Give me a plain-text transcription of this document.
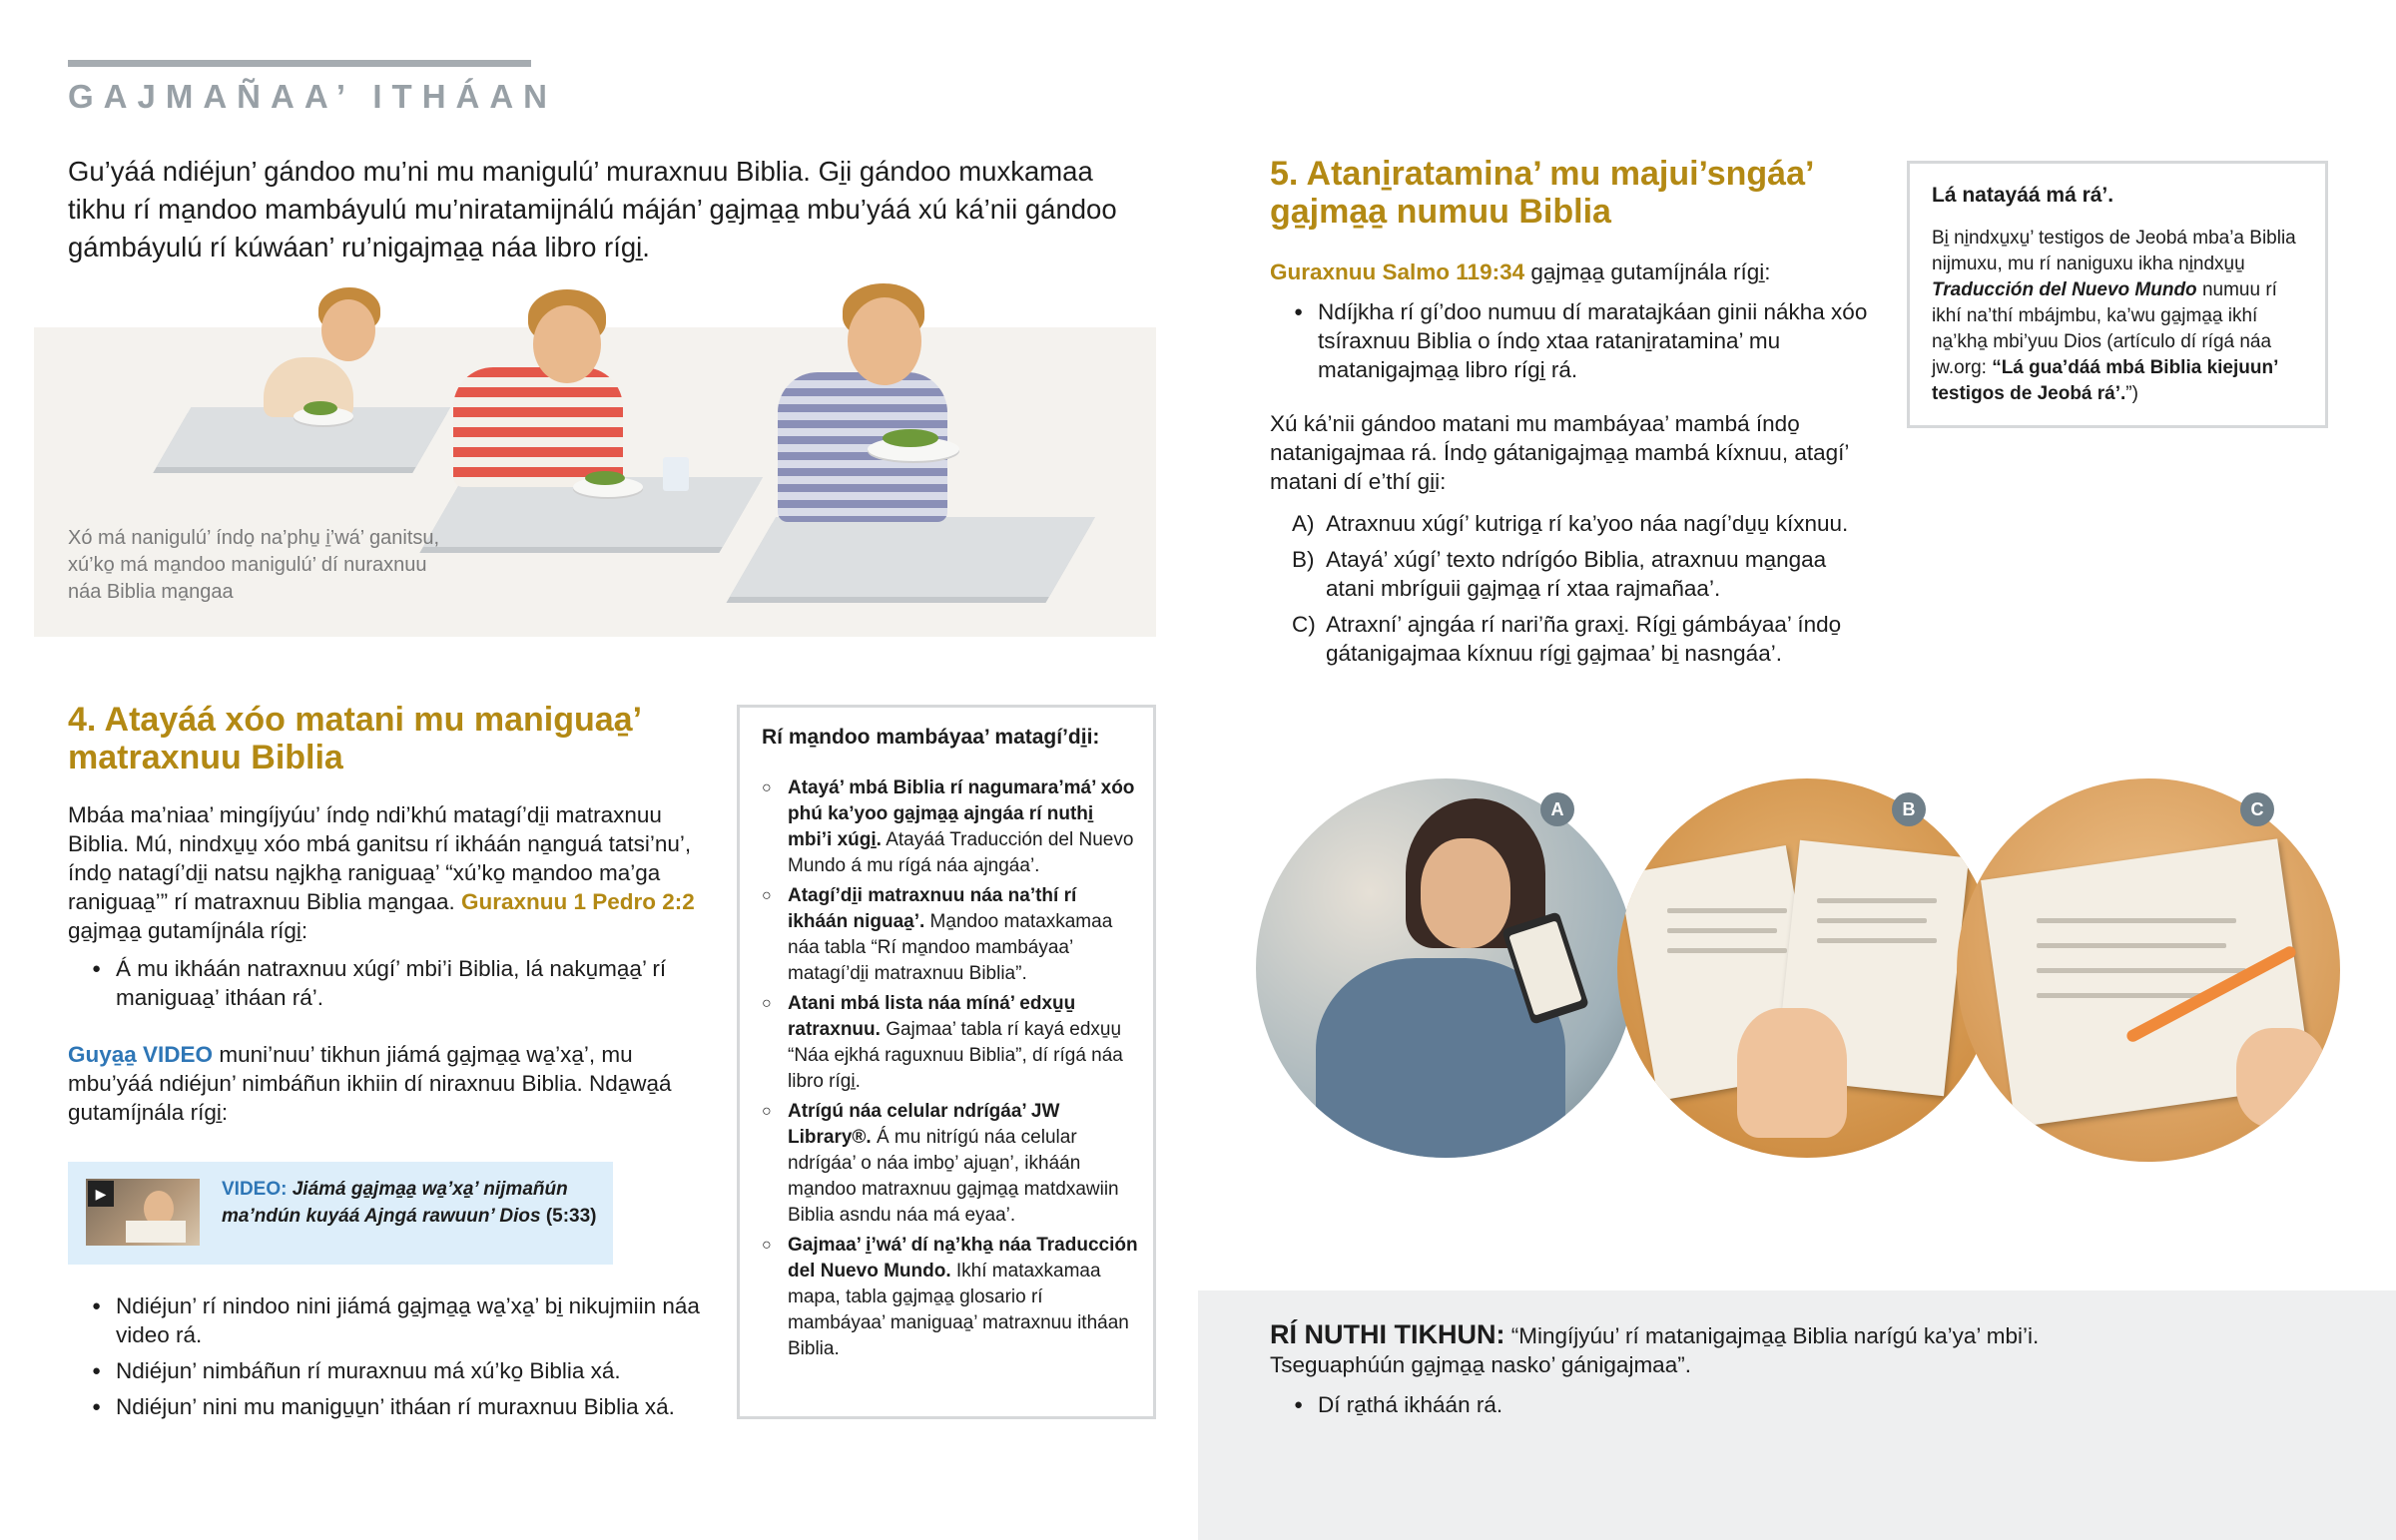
GAJMAÑAA’ ITHÁAN
Gu’yáá ndiéjun’ gándoo mu’ni mu manigulú’ muraxnuu Biblia. Gi̱i gándoo muxkamaa tikhu rí ma̱ndoo mambáyulú mu’niratamijnálú máján’ ga̱jma̱a̱ mbu’yáá xú ká’nii gándoo gámbáyulú rí kúwáan’ ru’nigajma̱a̱ náa libro rígi̱.
Xó má nanigulú’ índo̱ na’phu̱ i̱’wá’ ganitsu, xú’ko̱ má ma̱ndoo manigulú’ dí nuraxnuu náa Biblia ma̱ngaa
4. Atayáá xóo matani mu maniguaa̱’ matraxnuu Biblia
Mbáa ma’niaa’ mingíjyúu’ índo̱ ndi’khú matagí’di̱i matraxnuu Biblia. Mú, nindxu̱u̱ xóo mbá ganitsu rí ikháán na̱nguá tatsi’nu’, índo̱ natagí’di̱i natsu na̱jkha̱ raniguaa̱’ “xú’ko̱ ma̱ndoo ma’ga raniguaa̱’” rí matraxnuu Biblia ma̱ngaa. Guraxnuu 1 Pedro 2:2 ga̱jma̱a̱ gutamíjnála rígi̱:
● Á mu ikháán natraxnuu xúgí’ mbi’i Biblia, lá naku̱ma̱a̱’ rí maniguaa̱’ itháan rá’.
Guya̱a̱ VIDEO muni’nuu’ tikhun jiámá ga̱jma̱a̱ wa̱’xa̱’, mu mbu’yáá ndiéjun’ nimbáñun ikhiin dí niraxnuu Biblia. Nda̱wa̱á gutamíjnála rígi̱:
▶	VIDEO: Jiámá ga̱jma̱a̱ wa̱’xa̱’ nijmañún ma’ndún kuyáá Ajngá rawuun’ Dios (5:33)
● Ndiéjun’ rí nindoo nini jiámá ga̱jma̱a̱ wa̱’xa̱’ bi̱ nikujmiin náa video rá.
● Ndiéjun’ nimbáñun rí muraxnuu má xú’ko̱ Biblia xá.
● Ndiéjun’ nini mu manigu̱u̱n’ itháan rí muraxnuu Biblia xá.
Rí ma̱ndoo mambáyaa’ matagí’di̱i:
○ Atayá’ mbá Biblia rí nagumara’má’ xóo phú ka’yoo ga̱jma̱a̱ ajngáa rí nuthi̱ mbi’i xúgi̱. Atayáá Traducción del Nuevo Mundo á mu rígá náa ajngáa’.
○ Atagí’di̱i matraxnuu náa na’thí rí ikháán niguaa̱’. Ma̱ndoo mataxkamaa náa tabla “Rí ma̱ndoo mambáyaa’ matagí’di̱i matraxnuu Biblia”.
○ Atani mbá lista náa míná’ edxu̱u̱ ratraxnuu. Gajmaa’ tabla rí kayá edxu̱u̱ “Náa ejkhá raguxnuu Biblia”, dí rígá náa libro rígi̱.
○ Atrígú náa celular ndrígáa’ JW Library®. Á mu nitrígú náa celular ndrígáa’ o náa imbo̱’ ajua̱n’, ikháán ma̱ndoo matraxnuu ga̱jma̱a̱ matdxawiin Biblia asndu náa má eyaa’.
○ Gajmaa’ i̱’wá’ dí na̱’kha̱ náa Traducción del Nuevo Mundo. Ikhí mataxkamaa mapa, tabla ga̱jma̱a̱ glosario rí mambáyaa’ maniguaa̱’ matraxnuu itháan Biblia.
5. Atani̱ratamina’ mu majui’sngáa’ ga̱jma̱a̱ numuu Biblia
Guraxnuu Salmo 119:34 ga̱jma̱a̱ gutamíjnála rígi̱:
● Ndíjkha rí gí’doo numuu dí maratajkáan ginii nákha xóo tsíraxnuu Biblia o índo̱ xtaa ratani̱ratamina’ mu matanigajma̱a̱ libro rígi̱ rá.
Xú ká’nii gándoo matani mu mambáyaa’ mambá índo̱ natanigajmaa rá. Índo̱ gátanigajma̱a̱ mambá kíxnuu, atagí’ matani dí e’thí gi̱i:
A) Atraxnuu xúgí’ kutriga̱ rí ka’yoo náa nagí’du̱u̱ kíxnuu.
B) Atayá’ xúgí’ texto ndrígóo Biblia, atraxnuu ma̱ngaa atani mbríguii ga̱jma̱a̱ rí xtaa rajmañaa’.
C) Atraxní’ ajngáa rí nari’ña graxi̱. Rígi̱ gámbáyaa’ índo̱ gátanigajmaa kíxnuu rígi̱ ga̱jmaa’ bi̱ nasngáa’.
Lá natayáá má rá’.
Bi̱ ni̱ndxu̱xu̱’ testigos de Jeobá mba’a Biblia nijmuxu, mu rí naniguxu ikha ni̱ndxu̱u̱ Traducción del Nuevo Mundo numuu rí ikhí na’thí mbájmbu, ka’wu ga̱jma̱a̱ ikhí na̱’kha̱ mbi’yuu Dios (artículo dí rígá náa jw.org: “Lá gua’dáá mbá Biblia kiejuun’ testigos de Jeobá rá’.”)
A	B	C
RÍ NUTHI TIKHUN: “Mingíjyúu’ rí matanigajma̱a̱ Biblia narígú ka’ya’ mbi’i. Tseguaphúún ga̱jma̱a̱ nasko’ gánigajmaa”.
● Dí ra̱thá ikháán rá.
